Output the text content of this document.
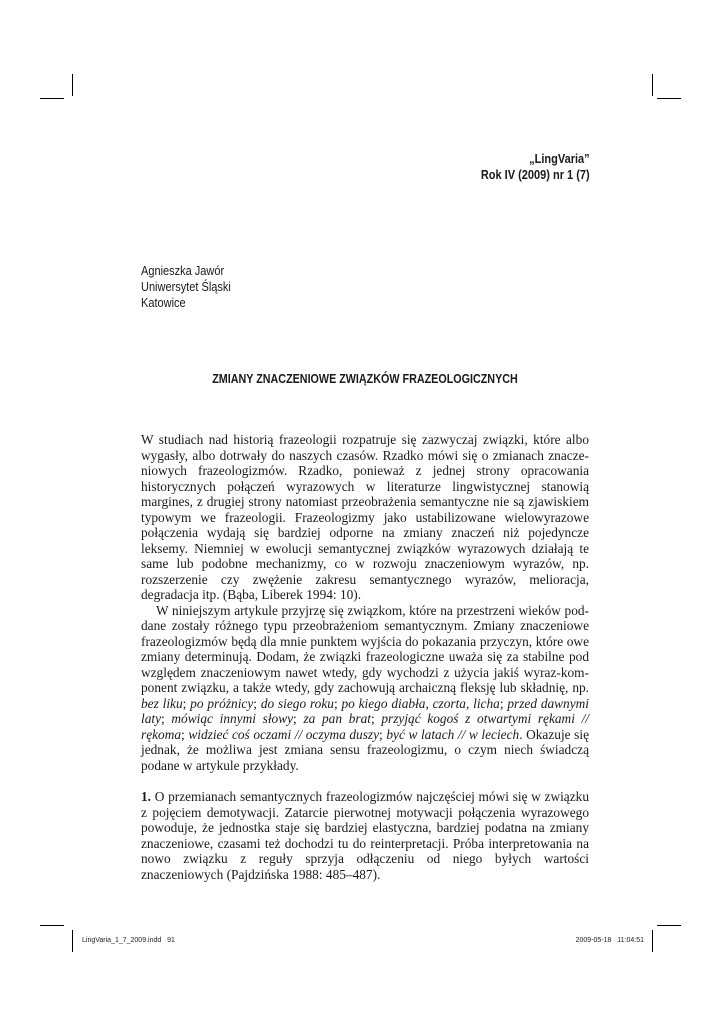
„LingVaria”
Rok IV (2009) nr 1 (7)
Agnieszka Jawór
Uniwersytet Śląski
Katowice
ZMIANY ZNACZENIOWE ZWIĄZKÓW FRAZEOLOGICZNYCH

W studiach nad historią frazeologii rozpatruje się zazwyczaj związki, które albo wygasły, albo dotrwały do naszych czasów. Rzadko mówi się o zmianach znaczeniowych frazeologizmów. Rzadko, ponieważ z jednej strony opracowania historycznych połączeń wyrazowych w literaturze lingwistycznej stanowią margines, z drugiej strony natomiast przeobrażenia semantyczne nie są zjawiskiem typowym we frazeologii. Frazeologizmy jako ustabilizowane wielowyrazowe połączenia wydają się bardziej odporne na zmiany znaczeń niż pojedyncze leksemy. Niemniej w ewolucji semantycznej związków wyrazowych działają te same lub podobne mechanizmy, co w rozwoju znaczeniowym wyrazów, np. rozszerzenie czy zwężenie zakresu semantycznego wyrazów, melioracja, degradacja itp. (Bąba, Liberek 1994: 10).

W niniejszym artykule przyjrzę się związkom, które na przestrzeni wieków poddane zostały różnego typu przeobrażeniom semantycznym. Zmiany znaczeniowe frazeologizmów będą dla mnie punktem wyjścia do pokazania przyczyn, które owe zmiany determinują. Dodam, że związki frazeologiczne uważa się za stabilne pod względem znaczeniowym nawet wtedy, gdy wychodzi z użycia jakiś wyraz-komponent związku, a także wtedy, gdy zachowują archaiczną fleksję lub składnię, np. bez liku; po próżnicy; do siego roku; po kiego diabła, czorta, licha; przed dawnymi laty; mówiąc innymi słowy; za pan brat; przyjąć kogoś z otwartymi rękami // rękoma; widzieć coś oczami // oczyma duszy; być w latach // w leciech. Okazuje się jednak, że możliwa jest zmiana sensu frazeologizmu, o czym niech świadczą podane w artykule przykłady.

1. O przemianach semantycznych frazeologizmów najczęściej mówi się w związku z pojęciem demotywacji. Zatarcie pierwotnej motywacji połączenia wyrazowego powoduje, że jednostka staje się bardziej elastyczna, bardziej podatna na zmiany znaczeniowe, czasami też dochodzi tu do reinterpretacji. Próba interpretowania na nowo związku z reguły sprzyja odłączeniu od niego byłych wartości znaczeniowych (Pajdzińska 1988: 485–487).

LingVaria_1_7_2009.indd   91	2009-05-18   11:04:51
